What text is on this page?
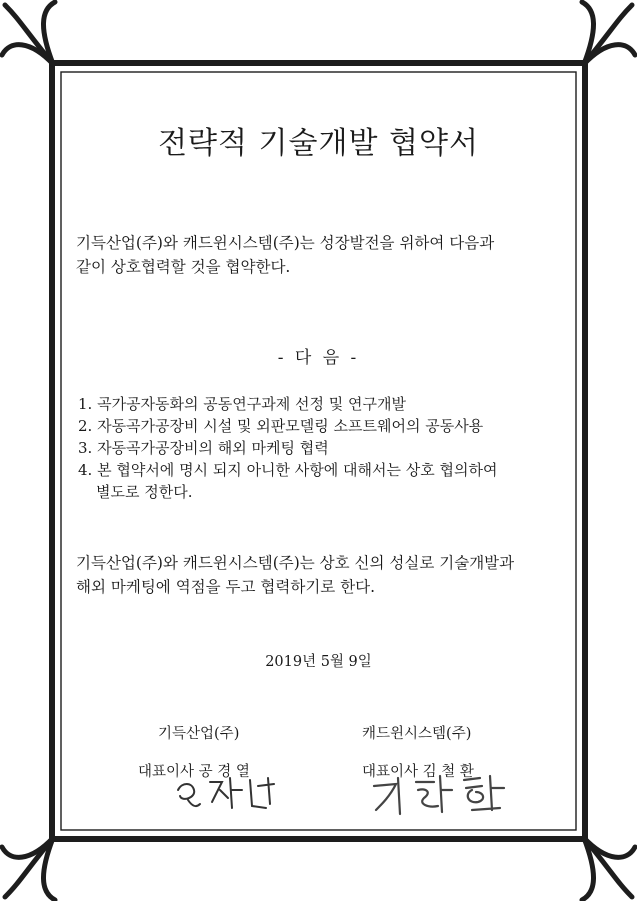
전략적 기술개발 협약서
기득산업(주)와 캐드윈시스템(주)는 성장발전을 위하여 다음과
같이 상호협력할 것을 협약한다.
- 다 음 -
1. 곡가공자동화의 공동연구과제 선정 및 연구개발
2. 자동곡가공장비 시설 및 외판모델링 소프트웨어의 공동사용
3. 자동곡가공장비의 해외 마케팅 협력
4. 본 협약서에 명시 되지 아니한 사항에 대해서는 상호 협의하여
별도로 정한다.
기득산업(주)와 캐드윈시스템(주)는 상호 신의 성실로 기술개발과
해외 마케팅에 역점을 두고 협력하기로 한다.
2019년 5월 9일
기득산업(주)
대표이사 공 경 열
캐드윈시스템(주)
대표이사 김 철 환
